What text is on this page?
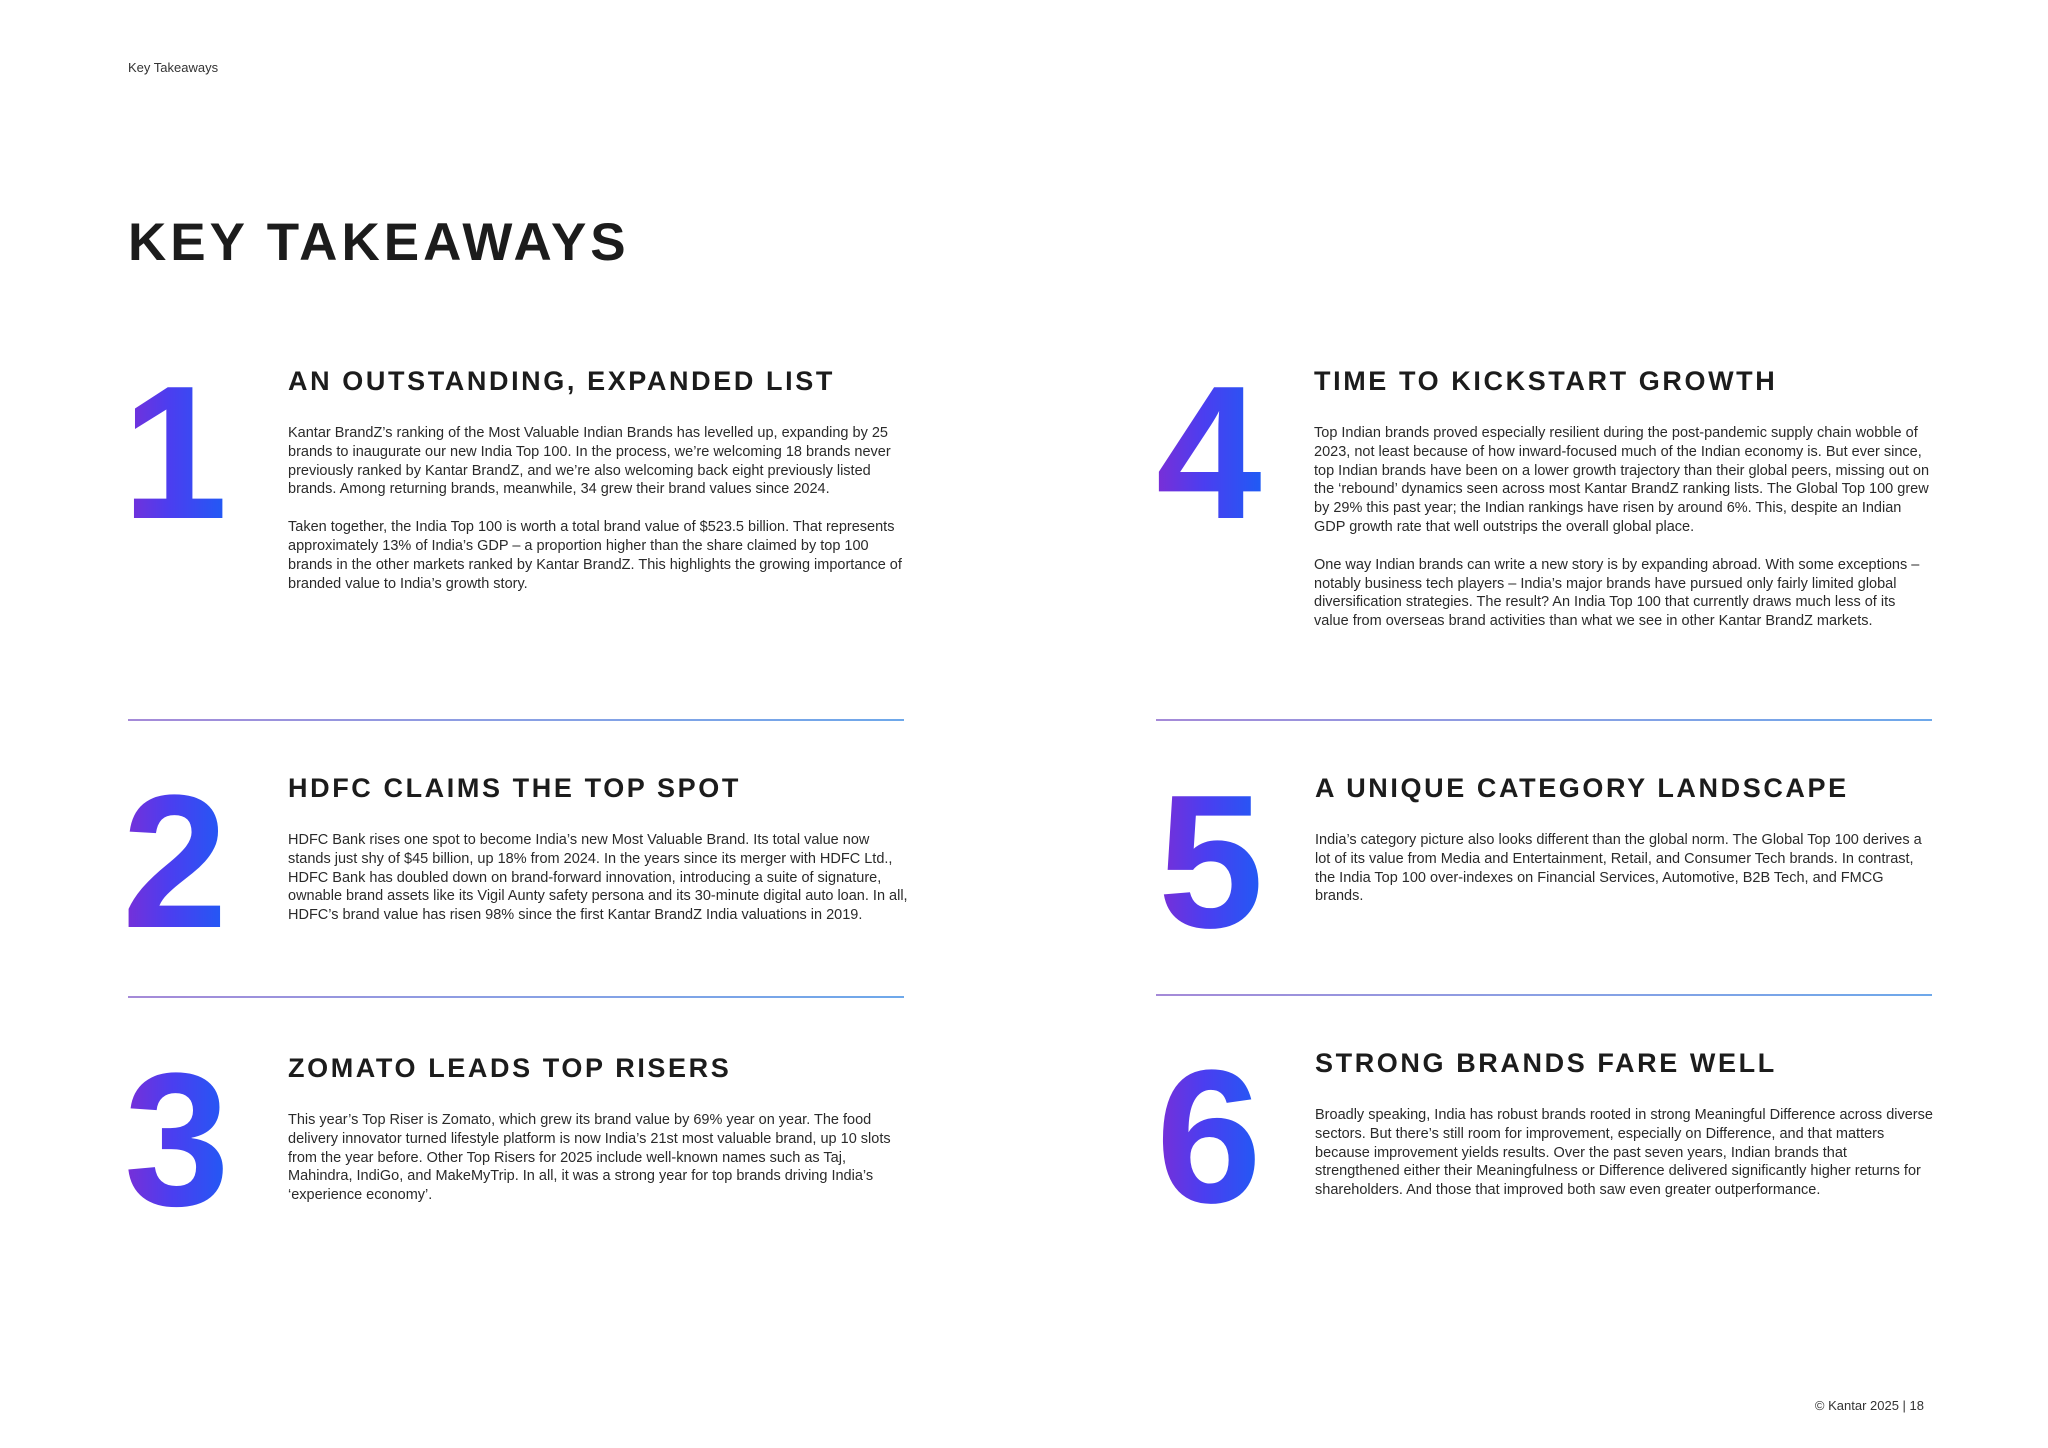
Key Takeaways
KEY TAKEAWAYS
1 AN OUTSTANDING, EXPANDED LIST

Kantar BrandZ’s ranking of the Most Valuable Indian Brands has levelled up, expanding by 25 brands to inaugurate our new India Top 100. In the process, we’re welcoming 18 brands never previously ranked by Kantar BrandZ, and we’re also welcoming back eight previously listed brands. Among returning brands, meanwhile, 34 grew their brand values since 2024.

Taken together, the India Top 100 is worth a total brand value of $523.5 billion. That represents approximately 13% of India’s GDP – a proportion higher than the share claimed by top 100 brands in the other markets ranked by Kantar BrandZ. This highlights the growing importance of branded value to India’s growth story.

4 TIME TO KICKSTART GROWTH

Top Indian brands proved especially resilient during the post-pandemic supply chain wobble of 2023, not least because of how inward-focused much of the Indian economy is. But ever since, top Indian brands have been on a lower growth trajectory than their global peers, missing out on the ‘rebound’ dynamics seen across most Kantar BrandZ ranking lists. The Global Top 100 grew by 29% this past year; the Indian rankings have risen by around 6%. This, despite an Indian GDP growth rate that well outstrips the overall global place.

One way Indian brands can write a new story is by expanding abroad. With some exceptions – notably business tech players – India’s major brands have pursued only fairly limited global diversification strategies. The result? An India Top 100 that currently draws much less of its value from overseas brand activities than what we see in other Kantar BrandZ markets.

2 HDFC CLAIMS THE TOP SPOT

HDFC Bank rises one spot to become India’s new Most Valuable Brand. Its total value now stands just shy of $45 billion, up 18% from 2024. In the years since its merger with HDFC Ltd., HDFC Bank has doubled down on brand-forward innovation, introducing a suite of signature, ownable brand assets like its Vigil Aunty safety persona and its 30-minute digital auto loan. In all, HDFC’s brand value has risen 98% since the first Kantar BrandZ India valuations in 2019. 5 A UNIQUE CATEGORY LANDSCAPE

India’s category picture also looks different than the global norm. The Global Top 100 derives a lot of its value from Media and Entertainment, Retail, and Consumer Tech brands. In contrast, the India Top 100 over-indexes on Financial Services, Automotive, B2B Tech, and FMCG brands.

3 ZOMATO LEADS TOP RISERS

This year’s Top Riser is Zomato, which grew its brand value by 69% year on year. The food delivery innovator turned lifestyle platform is now India’s 21st most valuable brand, up 10 slots from the year before. Other Top Risers for 2025 include well-known names such as Taj, Mahindra, IndiGo, and MakeMyTrip. In all, it was a strong year for top brands driving India’s ‘experience economy’.	6 STRONG BRANDS FARE WELL

Broadly speaking, India has robust brands rooted in strong Meaningful Difference across diverse sectors. But there’s still room for improvement, especially on Difference, and that matters because improvement yields results. Over the past seven years, Indian brands that strengthened either their Meaningfulness or Difference delivered significantly higher returns for shareholders. And those that improved both saw even greater outperformance.

© Kantar 2025 | 18
